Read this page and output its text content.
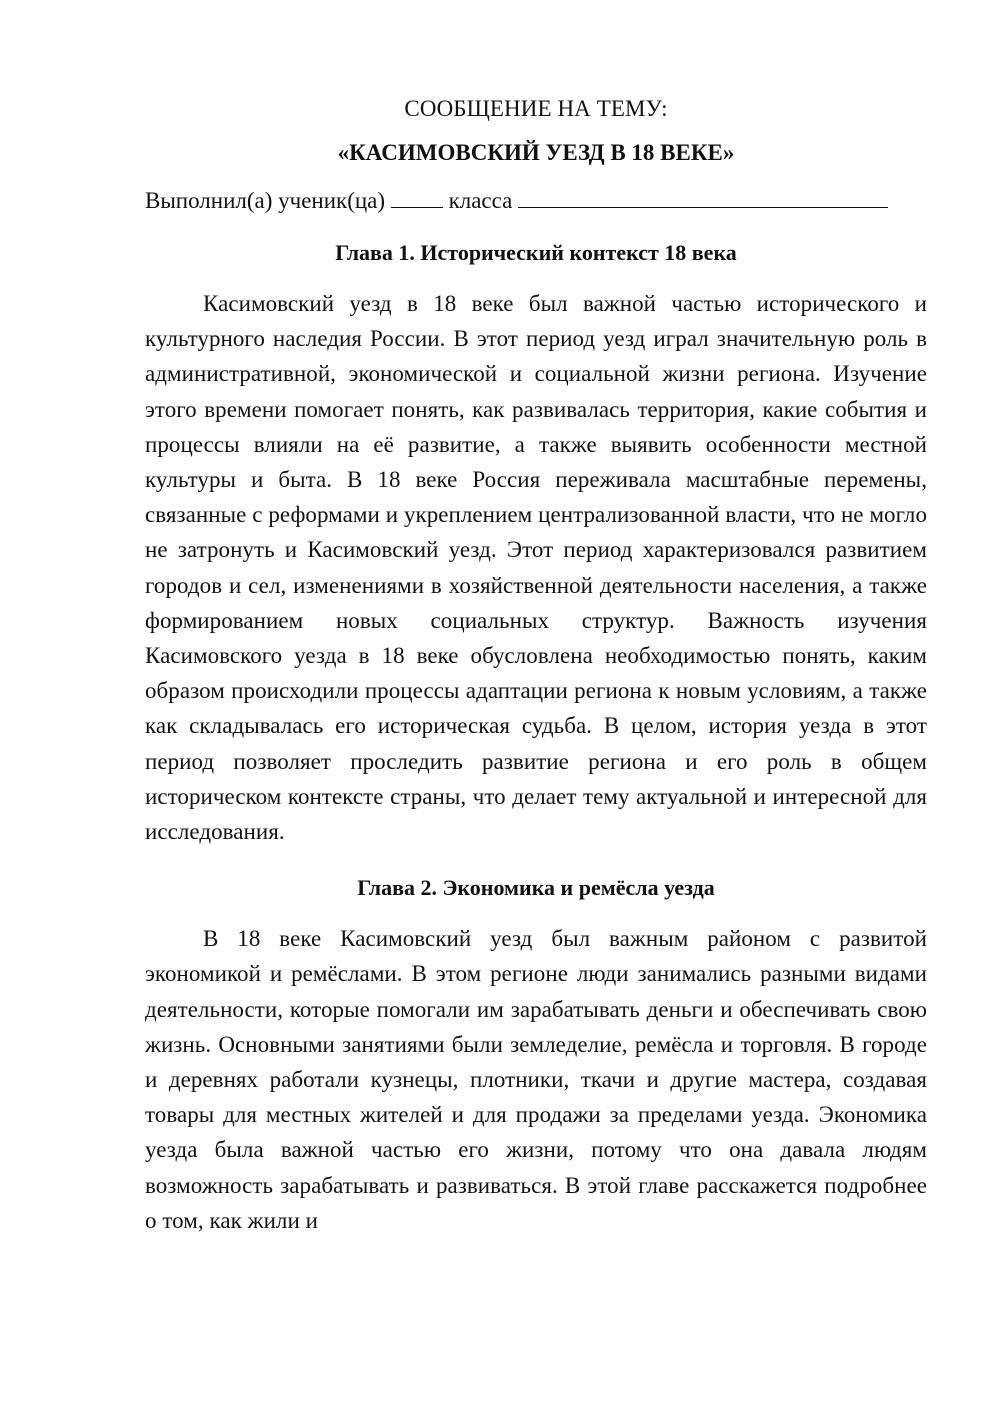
СООБЩЕНИЕ НА ТЕМУ:

«КАСИМОВСКИЙ УЕЗД В 18 ВЕКЕ»

Выполнил(а) ученик(ца)	класса

Глава 1. Исторический контекст 18 века

Касимовский уезд в 18 веке был важной частью исторического и культурного наследия России. В этот период уезд играл значительную роль в административной, экономической и социальной жизни региона. Изучение этого времени помогает понять, как развивалась территория, какие события и процессы влияли на её развитие, а также выявить особенности местной культуры и быта. В 18 веке Россия переживала масштабные перемены, связанные с реформами и укреплением централизованной власти, что не могло не затронуть и Касимовский уезд. Этот период характеризовался развитием городов и сел, изменениями в хозяйственной деятельности населения, а также формированием новых социальных структур. Важность изучения Касимовского уезда в 18 веке обусловлена необходимостью понять, каким образом происходили процессы адаптации региона к новым условиям, а также как складывалась его историческая судьба. В целом, история уезда в этот период позволяет проследить развитие региона и его роль в общем историческом контексте страны, что делает тему актуальной и интересной для исследования.

Глава 2. Экономика и ремёсла уезда

В 18 веке Касимовский уезд был важным районом с развитой экономикой и ремёслами. В этом регионе люди занимались разными видами деятельности, которые помогали им зарабатывать деньги и обеспечивать свою жизнь. Основными занятиями были земледелие, ремёсла и торговля. В городе и деревнях работали кузнецы, плотники, ткачи и другие мастера, создавая товары для местных жителей и для продажи за пределами уезда. Экономика уезда была важной частью его жизни, потому что она давала людям возможность зарабатывать и развиваться. В этой главе расскажется подробнее о том, как жили и
